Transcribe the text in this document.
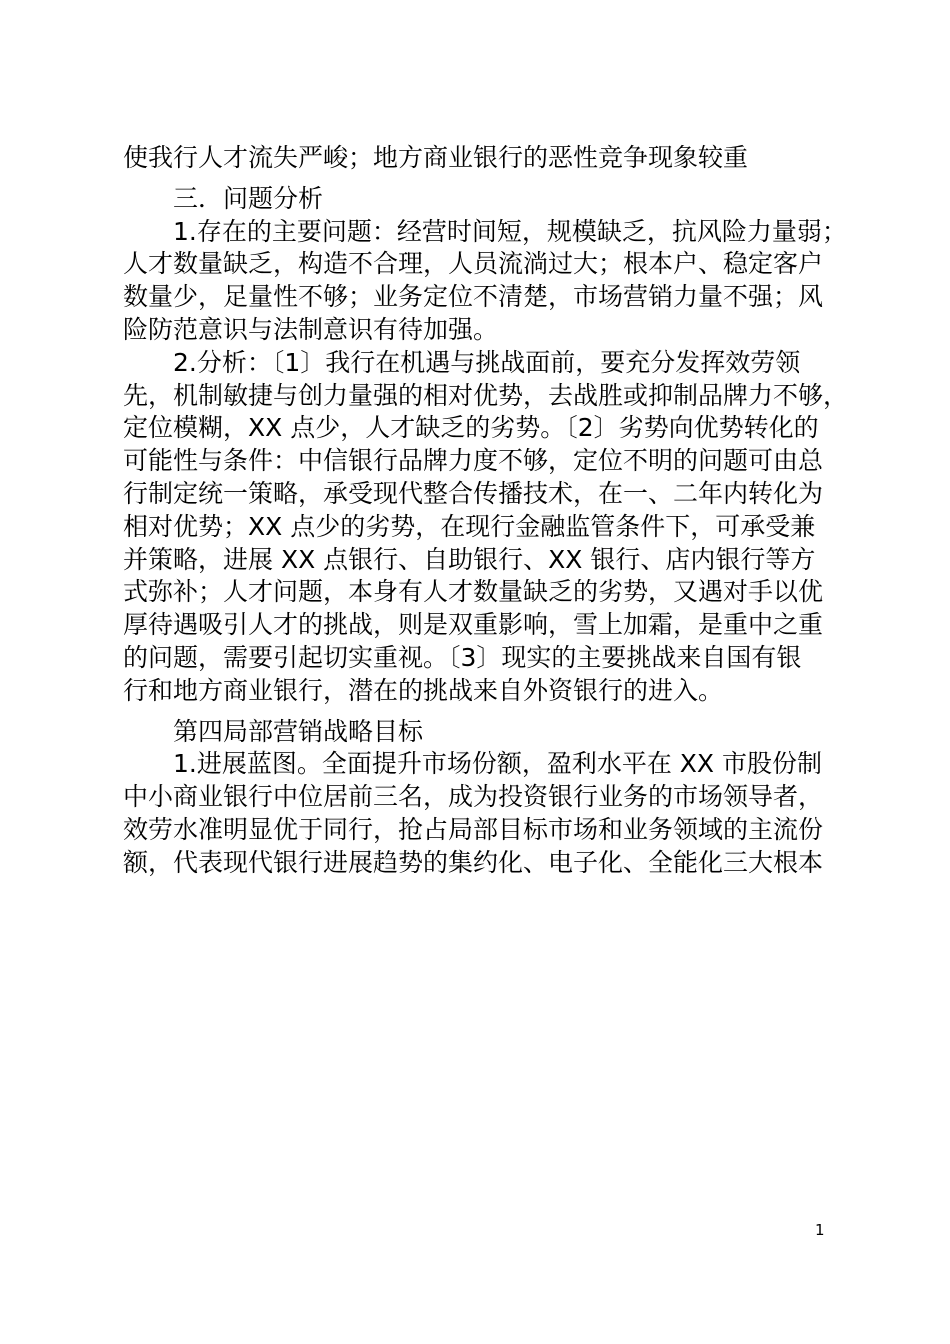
使我行人才流失严峻；地方商业银行的恶性竞争现象较重
三．问题分析
1.存在的主要问题：经营时间短，规模缺乏，抗风险力量弱；
人才数量缺乏，构造不合理，人员流淌过大；根本户、稳定客户
数量少，足量性不够；业务定位不清楚，市场营销力量不强；风
险防范意识与法制意识有待加强。
2.分析：〔1〕我行在机遇与挑战面前，要充分发挥效劳领
先，机制敏捷与创力量强的相对优势，去战胜或抑制品牌力不够，
定位模糊，XX 点少，人才缺乏的劣势。〔2〕劣势向优势转化的
可能性与条件：中信银行品牌力度不够，定位不明的问题可由总
行制定统一策略，承受现代整合传播技术，在一、二年内转化为
相对优势；XX 点少的劣势，在现行金融监管条件下，可承受兼
并策略，进展 XX 点银行、自助银行、XX 银行、店内银行等方
式弥补；人才问题，本身有人才数量缺乏的劣势，又遇对手以优
厚待遇吸引人才的挑战，则是双重影响，雪上加霜，是重中之重
的问题，需要引起切实重视。〔3〕现实的主要挑战来自国有银
行和地方商业银行，潜在的挑战来自外资银行的进入。
第四局部营销战略目标
1.进展蓝图。全面提升市场份额，盈利水平在 XX 市股份制
中小商业银行中位居前三名，成为投资银行业务的市场领导者，
效劳水准明显优于同行，抢占局部目标市场和业务领域的主流份
额，代表现代银行进展趋势的集约化、电子化、全能化三大根本
1
